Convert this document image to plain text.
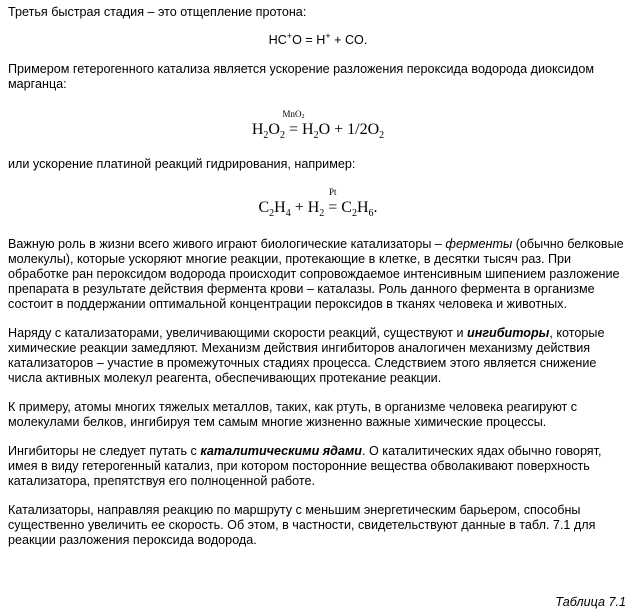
Третья быстрая стадия – это отщепление протона:

HC+O = H+ + CO.

Примером гетерогенного катализа является ускорение разложения пероксида водорода диоксидом марганца:

$H_2O_2$
MnO$_2$
= $H_2O + 1/2O_2$

или ускорение платиной реакций гидрирования, например:

$C_2H_4 + H_2$
Pt
= $C_2H_6$.

Важную роль в жизни всего живого играют биологические катализаторы – ферменты (обычно белковые молекулы), которые ускоряют многие реакции, протекающие в клетке, в десятки тысяч раз. При обработке ран пероксидом водорода происходит сопровождаемое интенсивным шипением разложение препарата в результате действия фермента крови – каталазы. Роль данного фермента в организме состоит в поддержании оптимальной концентрации пероксидов в тканях человека и животных.

Наряду с катализаторами, увеличивающими скорости реакций, существуют и ингибиторы, которые химические реакции замедляют. Механизм действия ингибиторов аналогичен механизму действия катализаторов – участие в промежуточных стадиях процесса. Следствием этого является снижение числа активных молекул реагента, обеспечивающих протекание реакции.

К примеру, атомы многих тяжелых металлов, таких, как ртуть, в организме человека реагируют с молекулами белков, ингибируя тем самым многие жизненно важные химические процессы.

Ингибиторы не следует путать с каталитическими ядами. О каталитических ядах обычно говорят, имея в виду гетерогенный катализ, при котором посторонние вещества обволакивают поверхность катализатора, препятствуя его полноценной работе.

Катализаторы, направляя реакцию по маршруту с меньшим энергетическим барьером, способны существенно увеличить ее скорость. Об этом, в частности, свидетельствуют данные в табл. 7.1 для реакции разложения пероксида водорода.

Таблица 7.1
